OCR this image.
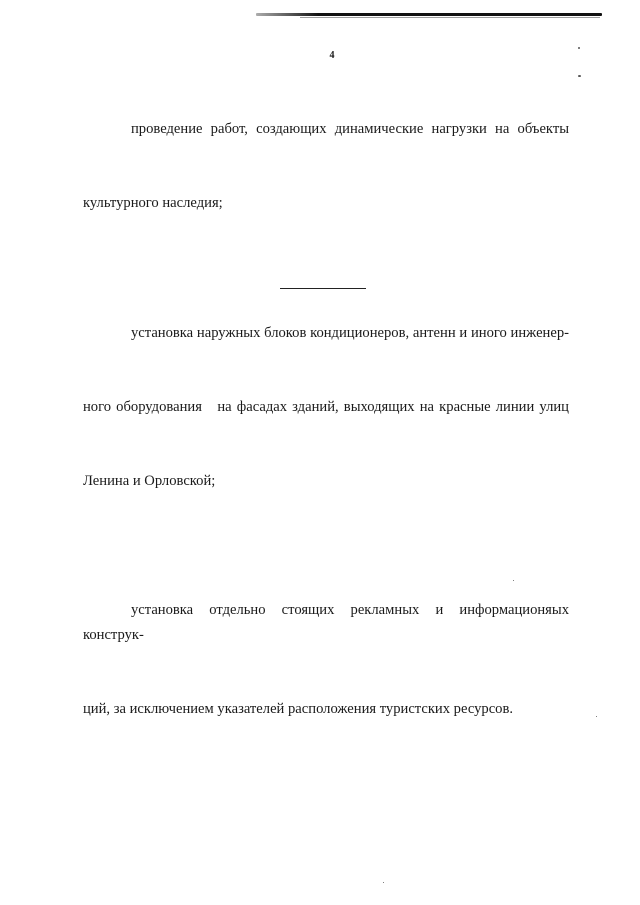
4

проведение работ, создающих динамические нагрузки на объекты

культурного наследия;

установка наружных блоков кондиционеров, антенн и иного инженер-

ного оборудования   на фасадах зданий, выходящих на красные линии улиц

Ленина и Орловской;

установка отдельно стоящих рекламных и информационяых конструк-

ций, за исключением указателей расположения туристских ресурсов.
